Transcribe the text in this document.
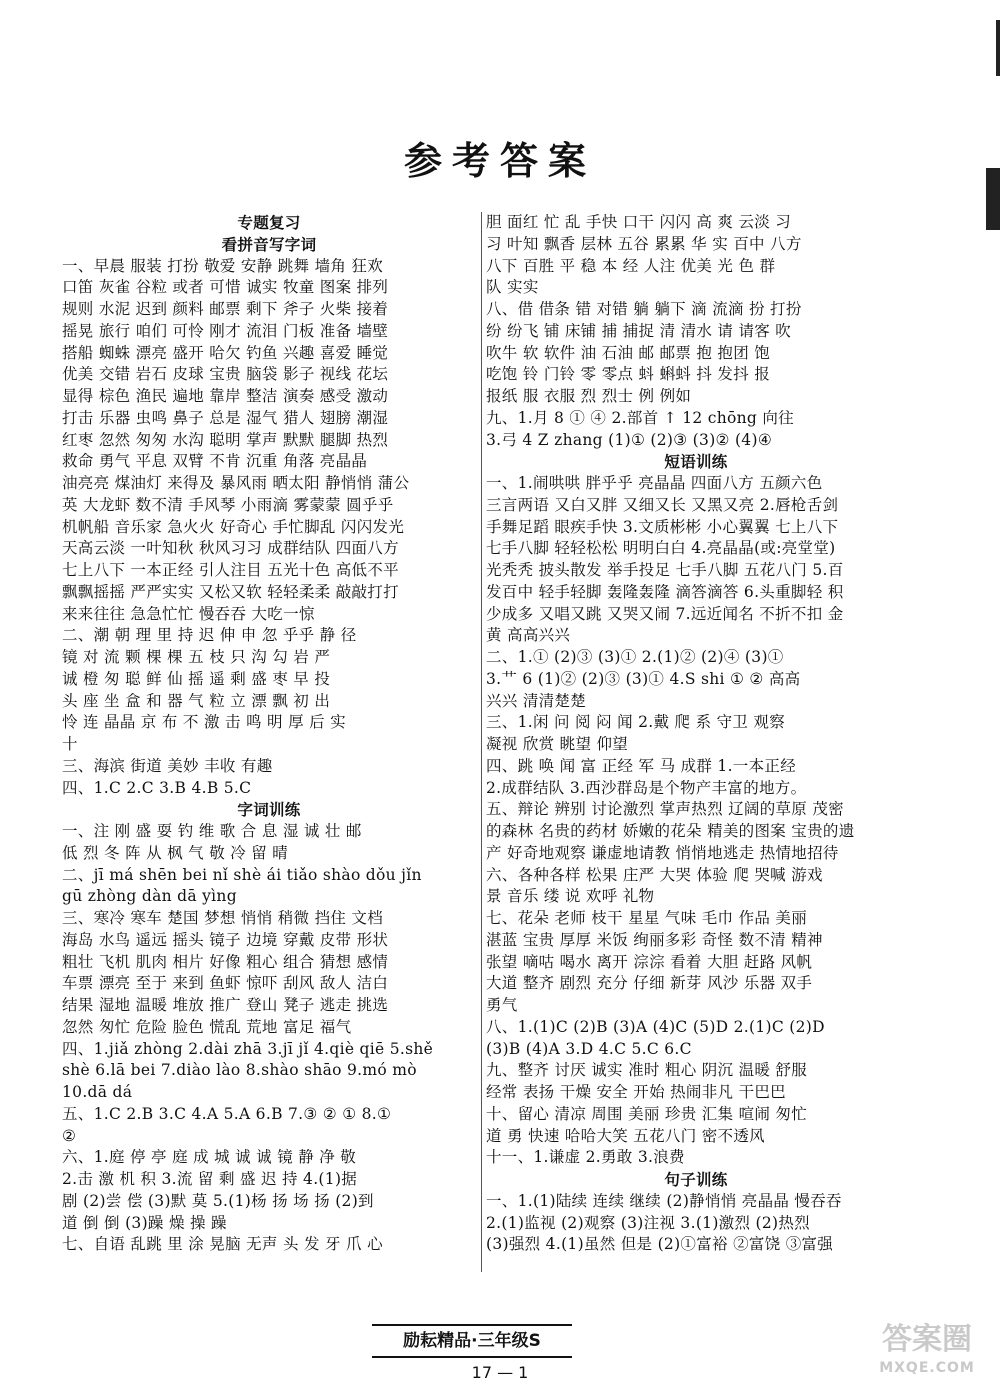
参考答案
专题复习
看拼音写字词
一、早晨 服装 打扮 敬爱 安静 跳舞 墙角 狂欢
口笛 灰雀 谷粒 或者 可惜 诚实 牧童 图案 排列
规则 水泥 迟到 颜料 邮票 剩下 斧子 火柴 接着
摇晃 旅行 咱们 可怜 刚才 流泪 门板 准备 墙壁
搭船 蜘蛛 漂亮 盛开 哈欠 钓鱼 兴趣 喜爱 睡觉
优美 交错 岩石 皮球 宝贵 脑袋 影子 视线 花坛
显得 棕色 渔民 遍地 靠岸 整洁 演奏 感受 激动
打击 乐器 虫鸣 鼻子 总是 湿气 猎人 翅膀 潮湿
红枣 忽然 匆匆 水沟 聪明 掌声 默默 腿脚 热烈
救命 勇气 平息 双臂 不肯 沉重 角落 亮晶晶
油亮亮 煤油灯 来得及 暴风雨 晒太阳 静悄悄 蒲公
英 大龙虾 数不清 手风琴 小雨滴 雾蒙蒙 圆乎乎
机帆船 音乐家 急火火 好奇心 手忙脚乱 闪闪发光
天高云淡 一叶知秋 秋风习习 成群结队 四面八方
七上八下 一本正经 引人注目 五光十色 高低不平
飘飘摇摇 严严实实 又松又软 轻轻柔柔 敲敲打打
来来往往 急急忙忙 慢吞吞 大吃一惊
二、潮 朝 理 里 持 迟 伸 申 忽 乎乎 静 径
镜 对 流 颗 棵 棵 五 枝 只 沟 勾 岩 严
诚 橙 匆 聪 鲜 仙 摇 遥 剩 盛 枣 早 投
头 座 坐 盒 和 器 气 粒 立 漂 飘 初 出
怜 连 晶晶 京 布 不 激 击 鸣 明 厚 后 实
十
三、海滨 街道 美妙 丰收 有趣
四、1.C 2.C 3.B 4.B 5.C
字词训练
一、注 刚 盛 耍 钓 维 歌 合 息 湿 诚 壮 邮
低 烈 冬 阵 从 枫 气 敬 冷 留 晴
二、jī má shēn bei nǐ shè ái tiǎo shào dǒu jǐn
gū zhòng dàn dā yìng
三、寒冷 寒车 楚国 梦想 悄悄 稍微 挡住 文档
海岛 水鸟 遥远 摇头 镜子 边境 穿戴 皮带 形状
粗壮 飞机 肌肉 相片 好像 粗心 组合 猜想 感情
车票 漂亮 至于 来到 鱼虾 惊吓 刮风 敌人 洁白
结果 湿地 温暖 堆放 推广 登山 凳子 逃走 挑选
忽然 匆忙 危险 脸色 慌乱 荒地 富足 福气
四、1.jiǎ zhòng 2.dài zhā 3.jī jǐ 4.qiè qiē 5.shě
shè 6.lā bei 7.diào lào 8.shào shāo 9.mó mò
10.dā dá
五、1.C 2.B 3.C 4.A 5.A 6.B 7.③ ② ① 8.①
②
六、1.庭 停 亭 庭 成 城 诚 诚 镜 静 净 敬
2.击 激 机 积 3.流 留 剩 盛 迟 持 4.(1)据
剧 (2)尝 偿 (3)默 莫 5.(1)杨 扬 场 扬 (2)到
道 倒 倒 (3)躁 燥 操 躁
七、自语 乱跳 里 涂 晃脑 无声 头 发 牙 爪 心
胆 面红 忙 乱 手快 口干 闪闪 高 爽 云淡 习
习 叶知 飘香 层林 五谷 累累 华 实 百中 八方
八下 百胜 平 稳 本 经 人注 优美 光 色 群
队 实实
八、借 借条 错 对错 躺 躺下 滴 流滴 扮 打扮
纷 纷飞 铺 床铺 捕 捕捉 清 清水 请 请客 吹
吹牛 软 软件 油 石油 邮 邮票 抱 抱团 饱
吃饱 铃 门铃 零 零点 蚪 蝌蚪 抖 发抖 报
报纸 服 衣服 烈 烈士 例 例如
九、1.月 8 ① ④ 2.部首 ↑ 12 chōng 向往
3.弓 4 Z zhang (1)① (2)③ (3)② (4)④
短语训练
一、1.闹哄哄 胖乎乎 亮晶晶 四面八方 五颜六色
三言两语 又白又胖 又细又长 又黑又亮 2.唇枪舌剑
手舞足蹈 眼疾手快 3.文质彬彬 小心翼翼 七上八下
七手八脚 轻轻松松 明明白白 4.亮晶晶(或:亮堂堂)
光秃秃 披头散发 举手投足 七手八脚 五花八门 5.百
发百中 轻手轻脚 轰隆轰隆 滴答滴答 6.头重脚轻 积
少成多 又唱又跳 又哭又闹 7.远近闻名 不折不扣 金
黄 高高兴兴
二、1.① (2)③ (3)① 2.(1)② (2)④ (3)①
3.艹 6 (1)② (2)③ (3)① 4.S shi ① ② 高高
兴兴 清清楚楚
三、1.闲 问 阅 闷 闻 2.戴 爬 系 守卫 观察
凝视 欣赏 眺望 仰望
四、跳 唤 闻 富 正经 军 马 成群 1.一本正经
2.成群结队 3.西沙群岛是个物产丰富的地方。
五、辩论 辨别 讨论激烈 掌声热烈 辽阔的草原 茂密
的森林 名贵的药材 娇嫩的花朵 精美的图案 宝贵的遗
产 好奇地观察 谦虚地请教 悄悄地逃走 热情地招待
六、各种各样 松果 庄严 大哭 体验 爬 哭喊 游戏
景 音乐 缕 说 欢呼 礼物
七、花朵 老师 枝干 星星 气味 毛巾 作品 美丽
湛蓝 宝贵 厚厚 米饭 绚丽多彩 奇怪 数不清 精神
张望 嘀咕 喝水 离开 淙淙 看着 大胆 赶路 风帆
大道 整齐 剧烈 充分 仔细 新芽 风沙 乐器 双手
勇气
八、1.(1)C (2)B (3)A (4)C (5)D 2.(1)C (2)D
(3)B (4)A 3.D 4.C 5.C 6.C
九、整齐 讨厌 诚实 准时 粗心 阴沉 温暖 舒服
经常 表扬 干燥 安全 开始 热闹非凡 干巴巴
十、留心 清凉 周围 美丽 珍贵 汇集 喧闹 匆忙
道 勇 快速 哈哈大笑 五花八门 密不透风
十一、1.谦虚 2.勇敢 3.浪费
句子训练
一、1.(1)陆续 连续 继续 (2)静悄悄 亮晶晶 慢吞吞
2.(1)监视 (2)观察 (3)注视 3.(1)激烈 (2)热烈
(3)强烈 4.(1)虽然 但是 (2)①富裕 ②富饶 ③富强
励耘精品·三年级S
17 — 1
答案圈
MXQE.COM
